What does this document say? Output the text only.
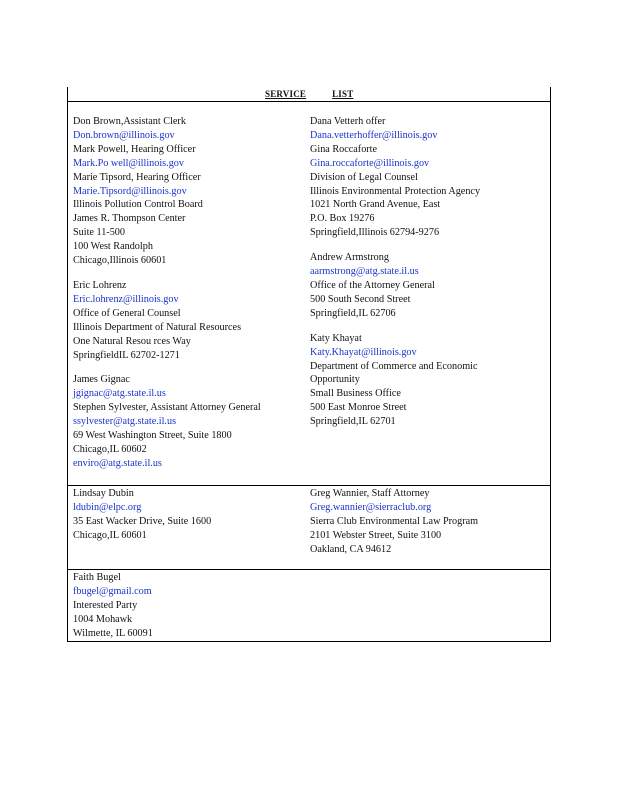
SERVICE	LIST
Don Brown,Assistant Clerk
Don.brown@illinois.gov
Mark Powell, Hearing Officer
Mark.Po well@illinois.gov
Marie Tipsord, Hearing Officer
Marie.Tipsord@illinois.gov
Illinois Pollution Control Board
James R. Thompson Center
Suite 11-500
100 West Randolph
Chicago,Illinois 60601
Eric Lohrenz
Eric.lohrenz@illinois.gov
Office of General Counsel
Illinois Department of Natural Resources
One Natural Resou rces Way
SpringfieldIL 62702-1271
James Gignac
jgignac@atg.state.il.us
Stephen Sylvester, Assistant Attorney General
ssylvester@atg.state.il.us
69 West Washington Street, Suite 1800
Chicago,IL 60602
enviro@atg.state.il.us
Dana Vetterh offer
Dana.vetterhoffer@illinois.gov
Gina Roccaforte
Gina.roccaforte@illinois.gov
Division of Legal Counsel
Illinois Environmental Protection Agency
1021 North Grand Avenue, East
P.O. Box 19276
Springfield,Illinois 62794-9276
Andrew Armstrong
aarmstrong@atg.state.il.us
Office of the Attorney General
500 South Second Street
Springfield,IL 62706
Katy Khayat
Katy.Khayat@illinois.gov
Department of Commerce and Economic
Opportunity
Small Business Office
500 East Monroe Street
Springfield,IL 62701
Lindsay Dubin
ldubin@elpc.org
35 East Wacker Drive, Suite 1600
Chicago,IL 60601
Greg Wannier, Staff Attorney
Greg.wannier@sierraclub.org
Sierra Club Environmental Law Program
2101 Webster Street, Suite 3100
Oakland, CA 94612
Faith Bugel
fbugel@gmail.com
Interested Party
1004 Mohawk
Wilmette, IL 60091
